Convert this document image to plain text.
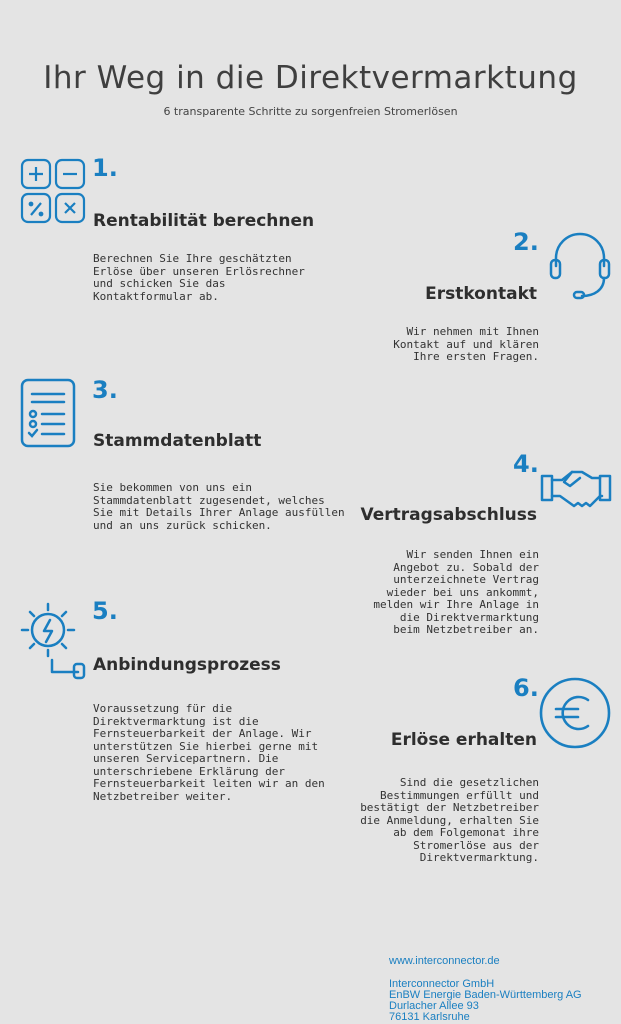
Ihr Weg in die Direktvermarktung
6 transparente Schritte zu sorgenfreien Stromerlösen
1.
Rentabilität berechnen
Berechnen Sie Ihre geschätzten
Erlöse über unseren Erlösrechner
und schicken Sie das
Kontaktformular ab.
2.
Erstkontakt
Wir nehmen mit Ihnen
Kontakt auf und klären
Ihre ersten Fragen.
3.
Stammdatenblatt
Sie bekommen von uns ein
Stammdatenblatt zugesendet, welches
Sie mit Details Ihrer Anlage ausfüllen
und an uns zurück schicken.
4.
Vertragsabschluss
Wir senden Ihnen ein
Angebot zu. Sobald der
unterzeichnete Vertrag
wieder bei uns ankommt,
melden wir Ihre Anlage in
die Direktvermarktung
beim Netzbetreiber an.
5.
Anbindungsprozess
Voraussetzung für die
Direktvermarktung ist die
Fernsteuerbarkeit der Anlage. Wir
unterstützen Sie hierbei gerne mit
unseren Servicepartnern. Die
unterschriebene Erklärung der
Fernsteuerbarkeit leiten wir an den
Netzbetreiber weiter.
6.
Erlöse erhalten
Sind die gesetzlichen
Bestimmungen erfüllt und
bestätigt der Netzbetreiber
die Anmeldung, erhalten Sie
ab dem Folgemonat ihre
Stromerlöse aus der
Direktvermarktung.
www.interconnector.de
Interconnector GmbH
EnBW Energie Baden-Württemberg AG
Durlacher Allee 93
76131 Karlsruhe
